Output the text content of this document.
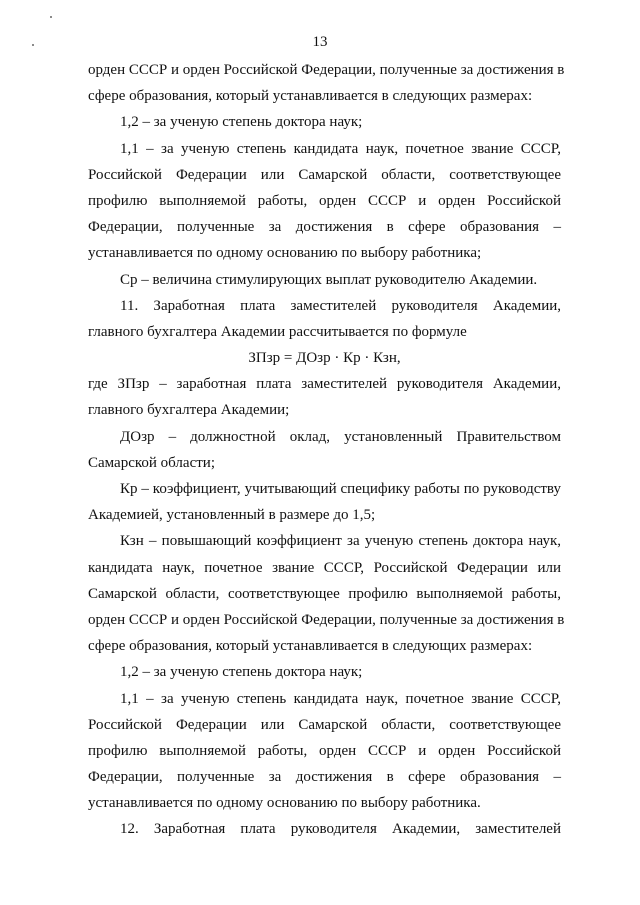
13
орден СССР и орден Российской Федерации, полученные за достижения в
сфере образования, который устанавливается в следующих размерах:
1,2 – за ученую степень доктора наук;
1,1 – за ученую степень кандидата наук, почетное звание СССР,
Российской Федерации или Самарской области, соответствующее
профилю выполняемой работы, орден СССР и орден Российской
Федерации, полученные за достижения в сфере образования –
устанавливается по одному основанию по выбору работника;
Ср – величина стимулирующих выплат руководителю Академии.
11. Заработная плата заместителей руководителя Академии,
главного бухгалтера Академии рассчитывается по формуле
ЗПзр = ДОзр · Кр · Кзн,
где ЗПзр – заработная плата заместителей руководителя Академии,
главного бухгалтера Академии;
ДОзр – должностной оклад, установленный Правительством
Самарской области;
Кр – коэффициент, учитывающий специфику работы по руководству
Академией, установленный в размере до 1,5;
Кзн – повышающий коэффициент за ученую степень доктора наук,
кандидата наук, почетное звание СССР, Российской Федерации или
Самарской области, соответствующее профилю выполняемой работы,
орден СССР и орден Российской Федерации, полученные за достижения в
сфере образования, который устанавливается в следующих размерах:
1,2 – за ученую степень доктора наук;
1,1 – за ученую степень кандидата наук, почетное звание СССР,
Российской Федерации или Самарской области, соответствующее
профилю выполняемой работы, орден СССР и орден Российской
Федерации, полученные за достижения в сфере образования –
устанавливается по одному основанию по выбору работника.
12. Заработная плата руководителя Академии, заместителей
